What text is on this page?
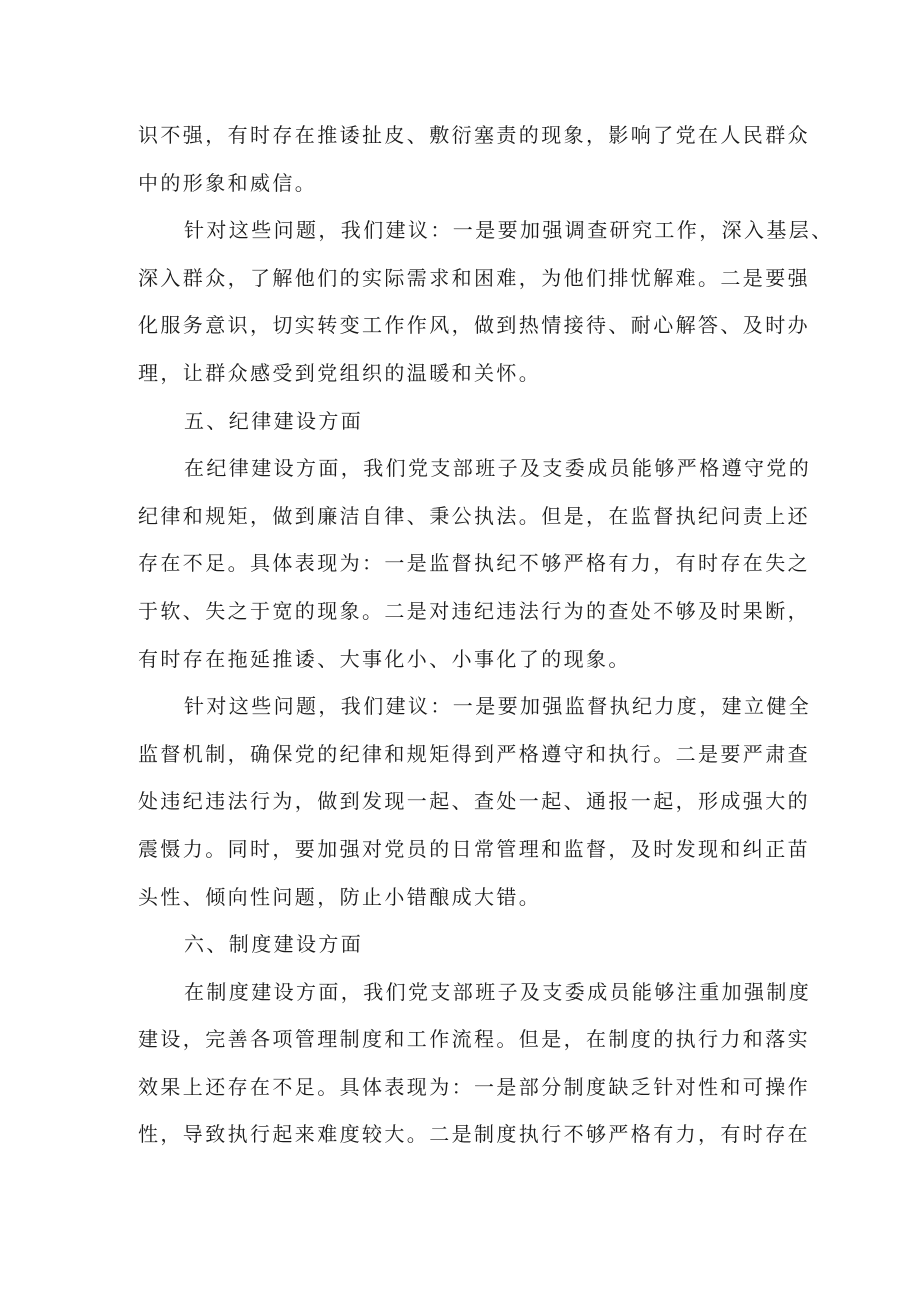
识不强，有时存在推诿扯皮、敷衍塞责的现象，影响了党在人民群众
中的形象和威信。
针对这些问题，我们建议：一是要加强调查研究工作，深入基层、
深入群众，了解他们的实际需求和困难，为他们排忧解难。二是要强
化服务意识，切实转变工作作风，做到热情接待、耐心解答、及时办
理，让群众感受到党组织的温暖和关怀。
五、纪律建设方面
在纪律建设方面，我们党支部班子及支委成员能够严格遵守党的
纪律和规矩，做到廉洁自律、秉公执法。但是，在监督执纪问责上还
存在不足。具体表现为：一是监督执纪不够严格有力，有时存在失之
于软、失之于宽的现象。二是对违纪违法行为的查处不够及时果断，
有时存在拖延推诿、大事化小、小事化了的现象。
针对这些问题，我们建议：一是要加强监督执纪力度，建立健全
监督机制，确保党的纪律和规矩得到严格遵守和执行。二是要严肃查
处违纪违法行为，做到发现一起、查处一起、通报一起，形成强大的
震慑力。同时，要加强对党员的日常管理和监督，及时发现和纠正苗
头性、倾向性问题，防止小错酿成大错。
六、制度建设方面
在制度建设方面，我们党支部班子及支委成员能够注重加强制度
建设，完善各项管理制度和工作流程。但是，在制度的执行力和落实
效果上还存在不足。具体表现为：一是部分制度缺乏针对性和可操作
性，导致执行起来难度较大。二是制度执行不够严格有力，有时存在
